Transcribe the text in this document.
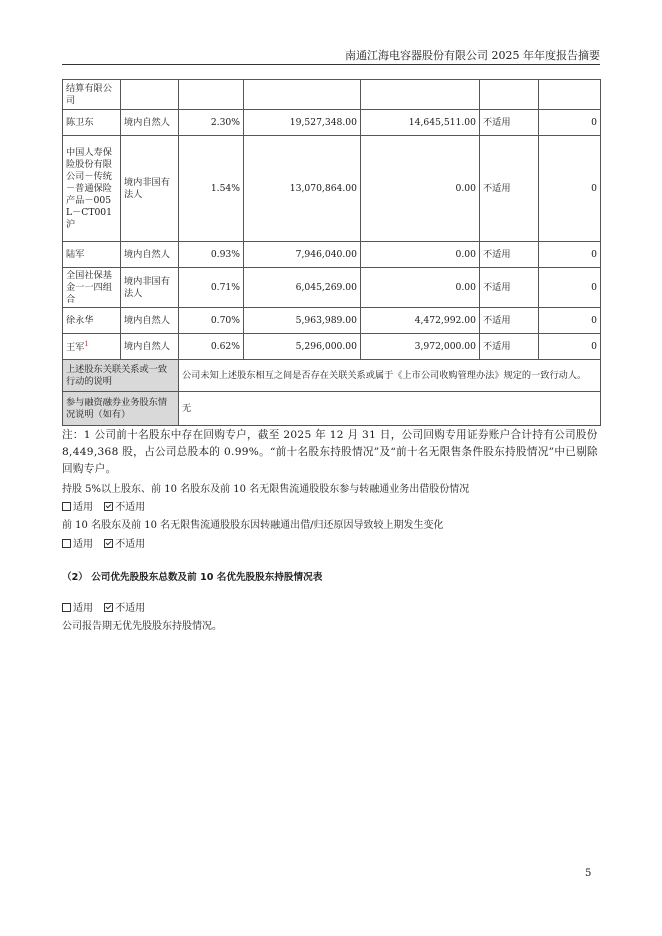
南通江海电容器股份有限公司 2025 年年度报告摘要
结算有限公司						
陈卫东	境内自然人	2.30%	19,527,348.00	14,645,511.00	不适用	0
中国人寿保险股份有限公司－传统－普通保险产品－005L－CT001 沪	境内非国有法人	1.54%	13,070,864.00	0.00	不适用	0
陆军	境内自然人	0.93%	7,946,040.00	0.00	不适用	0
全国社保基金一一四组合	境内非国有法人	0.71%	6,045,269.00	0.00	不适用	0
徐永华	境内自然人	0.70%	5,963,989.00	4,472,992.00	不适用	0
王军$^1$	境内自然人	0.62%	5,296,000.00	3,972,000.00	不适用	0
上述股东关联关系或一致行动的说明		公司未知上述股东相互之间是否存在关联关系或属于《上市公司收购管理办法》规定的一致行动人。				
参与融资融券业务股东情况说明（如有）		无				
注：1 公司前十名股东中存在回购专户，截至 2025 年 12 月 31 日，公司回购专用证券账户合计持有公司股份 8,449,368 股，占公司总股本的 0.99%。“前十名股东持股情况”及“前十名无限售条件股东持股情况”中已剔除回购专户。
持股 5%以上股东、前 10 名股东及前 10 名无限售流通股股东参与转融通业务出借股份情况
适用 不适用
前 10 名股东及前 10 名无限售流通股股东因转融通出借/归还原因导致较上期发生变化
适用 不适用
（2） 公司优先股股东总数及前 10 名优先股股东持股情况表
适用 不适用
公司报告期无优先股股东持股情况。
5
